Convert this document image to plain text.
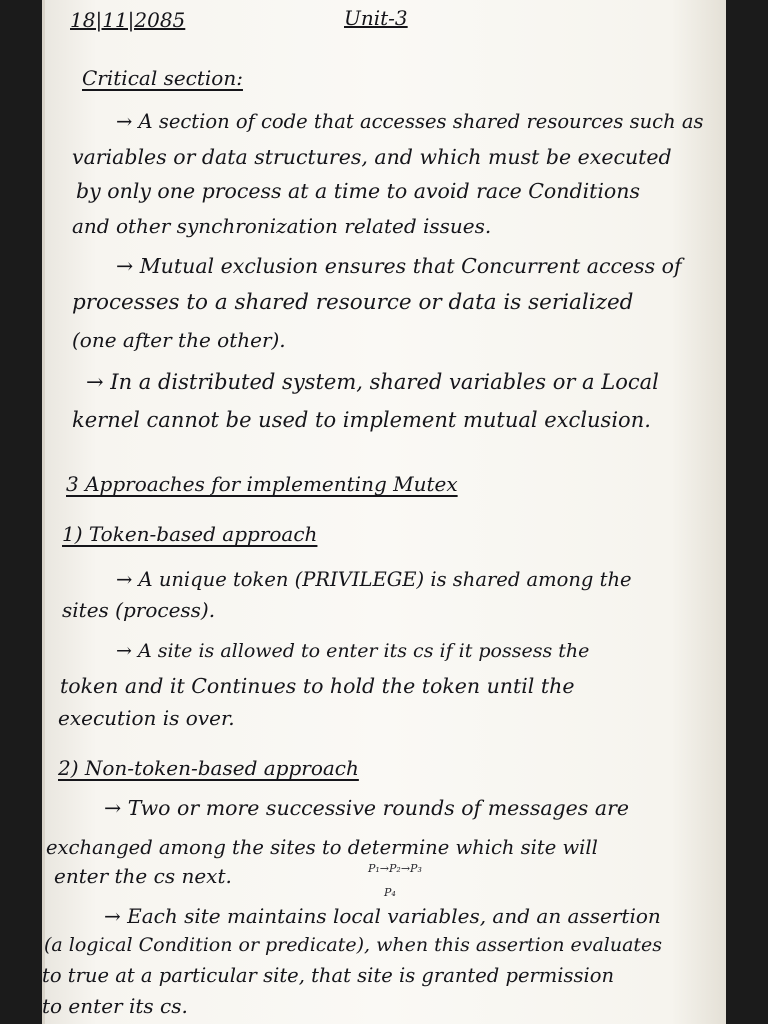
18|11|2085	Unit-3
Critical section:
→ A section of code that accesses shared resources such as
variables or data structures, and which must be executed
by only one process at a time to avoid race Conditions
and other synchronization related issues.
→ Mutual exclusion ensures that Concurrent access of
processes to a shared resource or data is serialized
(one after the other).
→ In a distributed system, shared variables or a Local
kernel cannot be used to implement mutual exclusion.
3 Approaches for implementing Mutex
1) Token-based approach
→ A unique token (PRIVILEGE) is shared among the
sites (process).
→ A site is allowed to enter its cs if it possess the
token and it Continues to hold the token until the
execution is over.
2) Non-token-based approach
→ Two or more successive rounds of messages are
exchanged among the sites to determine which site will
enter the cs next.	P₁→P₂→P₃
P₄
→ Each site maintains local variables, and an assertion
(a logical Condition or predicate), when this assertion evaluates
to true at a particular site, that site is granted permission
to enter its cs.
